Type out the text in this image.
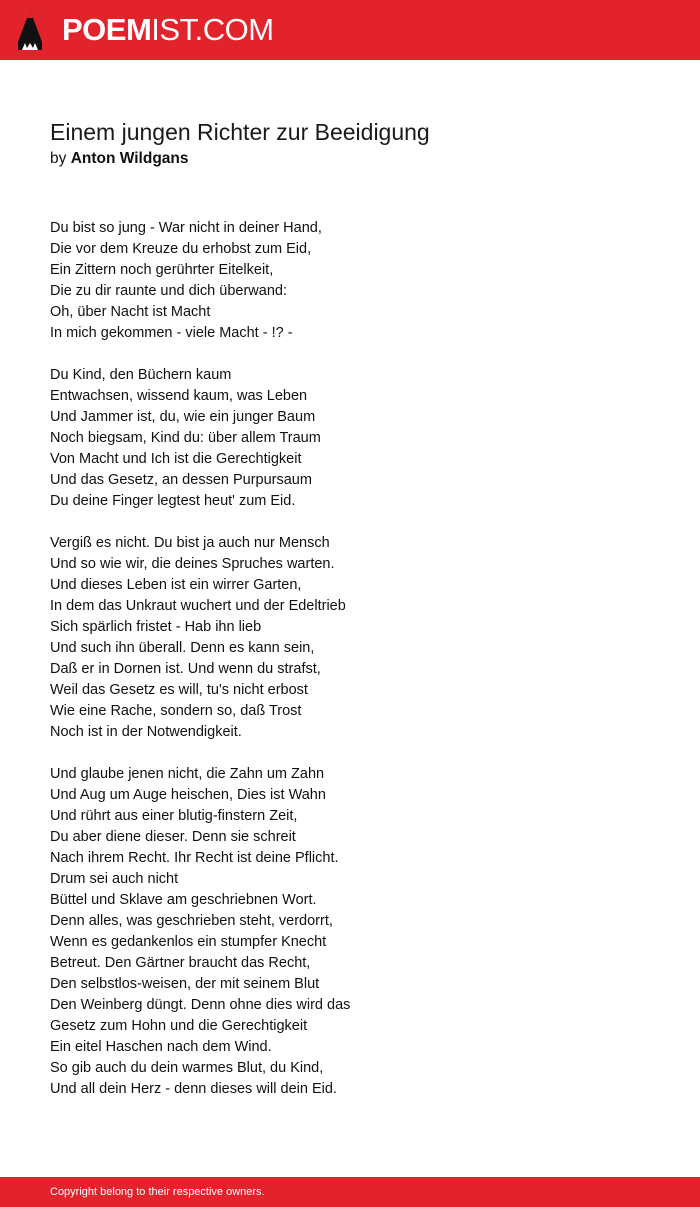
POEMIST.COM
Einem jungen Richter zur Beeidigung
by Anton Wildgans
Du bist so jung - War nicht in deiner Hand,
Die vor dem Kreuze du erhobst zum Eid,
Ein Zittern noch gerührter Eitelkeit,
Die zu dir raunte und dich überwand:
Oh, über Nacht ist Macht
In mich gekommen - viele Macht - !? -
Du Kind, den Büchern kaum
Entwachsen, wissend kaum, was Leben
Und Jammer ist, du, wie ein junger Baum
Noch biegsam, Kind du: über allem Traum
Von Macht und Ich ist die Gerechtigkeit
Und das Gesetz, an dessen Purpursaum
Du deine Finger legtest heut' zum Eid.
Vergiß es nicht. Du bist ja auch nur Mensch
Und so wie wir, die deines Spruches warten.
Und dieses Leben ist ein wirrer Garten,
In dem das Unkraut wuchert und der Edeltrieb
Sich spärlich fristet - Hab ihn lieb
Und such ihn überall. Denn es kann sein,
Daß er in Dornen ist. Und wenn du strafst,
Weil das Gesetz es will, tu's nicht erbost
Wie eine Rache, sondern so, daß Trost
Noch ist in der Notwendigkeit.
Und glaube jenen nicht, die Zahn um Zahn
Und Aug um Auge heischen, Dies ist Wahn
Und rührt aus einer blutig-finstern Zeit,
Du aber diene dieser. Denn sie schreit
Nach ihrem Recht. Ihr Recht ist deine Pflicht.
Drum sei auch nicht
Büttel und Sklave am geschriebnen Wort.
Denn alles, was geschrieben steht, verdorrt,
Wenn es gedankenlos ein stumpfer Knecht
Betreut. Den Gärtner braucht das Recht,
Den selbstlos-weisen, der mit seinem Blut
Den Weinberg düngt. Denn ohne dies wird das
Gesetz zum Hohn und die Gerechtigkeit
Ein eitel Haschen nach dem Wind.
So gib auch du dein warmes Blut, du Kind,
Und all dein Herz - denn dieses will dein Eid.
Copyright belong to their respective owners.
